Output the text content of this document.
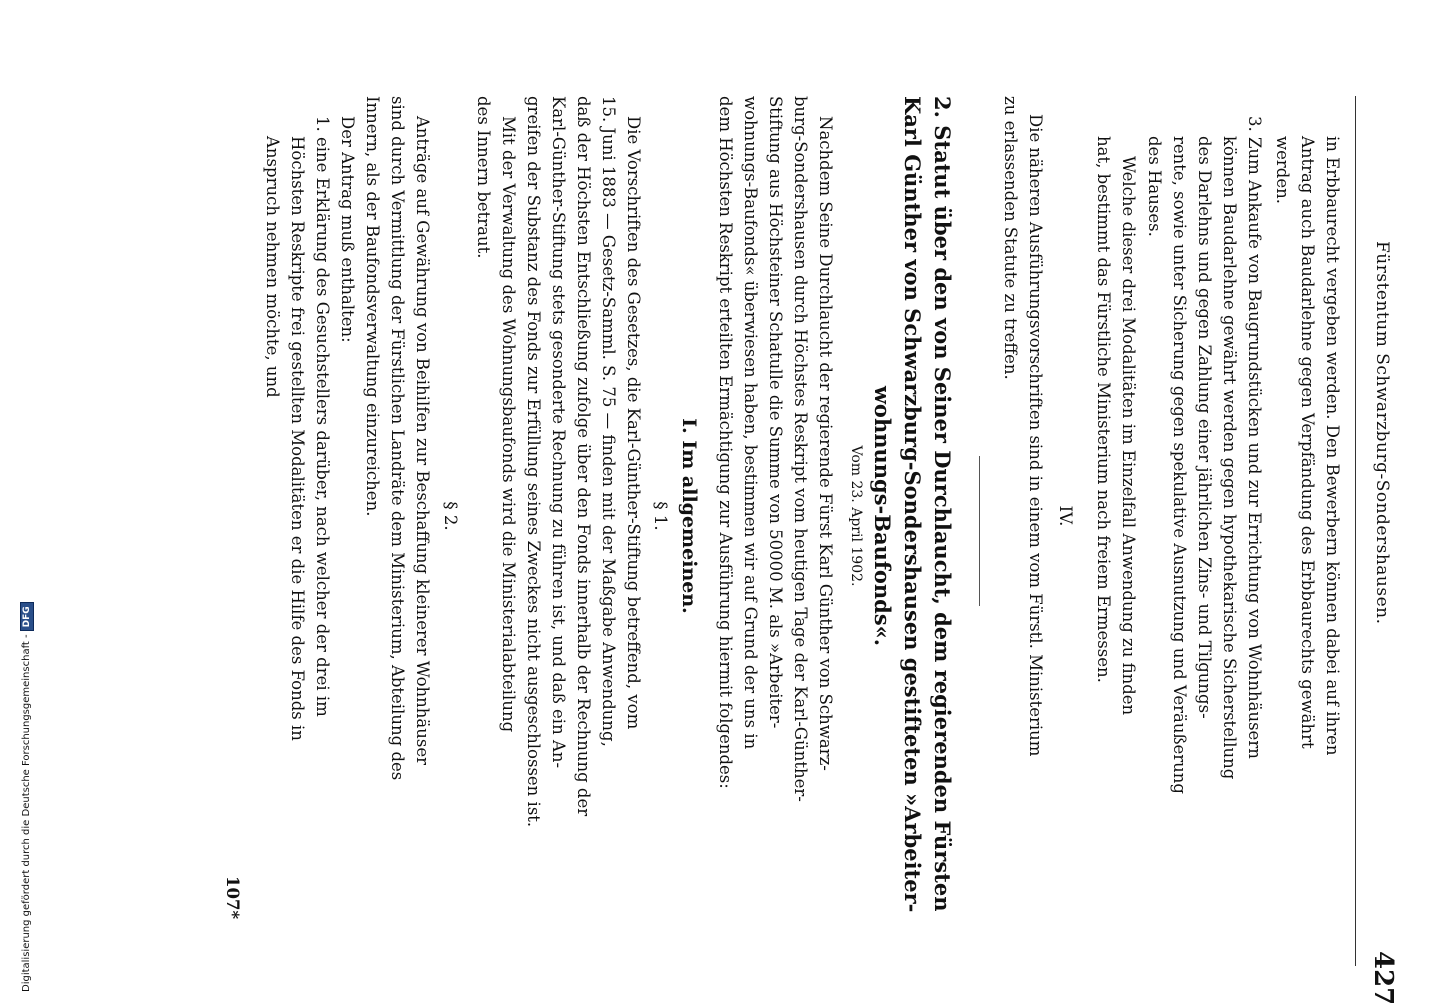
Fürstentum Schwarzburg-Sondershausen.
427
in Erbbaurecht vergeben werden. Den Bewerbern können dabei auf ihren
Antrag auch Baudarlehne gegen Verpfändung des Erbbaurechts gewährt
werden.
3. Zum Ankaufe von Baugrundstücken und zur Errichtung von Wohnhäusern
können Baudarlehne gewährt werden gegen hypothekarische Sicherstellung
des Darlehns und gegen Zahlung einer jährlichen Zins- und Tilgungs-
rente, sowie unter Sicherung gegen spekulative Ausnutzung und Veräußerung
des Hauses.
Welche dieser drei Modalitäten im Einzelfall Anwendung zu finden
hat, bestimmt das Fürstliche Ministerium nach freiem Ermessen.
IV.
Die näheren Ausführungsvorschriften sind in einem vom Fürstl. Ministerium
zu erlassenden Statute zu treffen.
2. Statut über den von Seiner Durchlaucht, dem regierenden Fürsten
Karl Günther von Schwarzburg-Sondershausen gestifteten »Arbeiter-
wohnungs-Baufonds«.
Vom 23. April 1902.
Nachdem Seine Durchlaucht der regierende Fürst Karl Günther von Schwarz-
burg-Sondershausen durch Höchstes Reskript vom heutigen Tage der Karl-Günther-
Stiftung aus Höchsteiner Schatulle die Summe von 50000 M. als »Arbeiter-
wohnungs-Baufonds« überwiesen haben, bestimmen wir auf Grund der uns in
dem Höchsten Reskript erteilten Ermächtigung zur Ausführung hiermit folgendes:
I. Im allgemeinen.
§ 1.
Die Vorschriften des Gesetzes, die Karl-Günther-Stiftung betreffend, vom
15. Juni 1883 — Gesetz-Samml. S. 75 — finden mit der Maßgabe Anwendung,
daß der Höchsten Entschließung zufolge über den Fonds innerhalb der Rechnung der
Karl-Günther-Stiftung stets gesonderte Rechnung zu führen ist, und daß ein An-
greifen der Substanz des Fonds zur Erfüllung seines Zweckes nicht ausgeschlossen ist.
Mit der Verwaltung des Wohnungsbaufonds wird die Ministerialabteilung
des Innern betraut.
§ 2.
Anträge auf Gewährung von Beihilfen zur Beschaffung kleinerer Wohnhäuser
sind durch Vermittlung der Fürstlichen Landräte dem Ministerium, Abteilung des
Innern, als der Baufondsverwaltung einzureichen.
Der Antrag muß enthalten:
1. eine Erklärung des Gesuchstellers darüber, nach welcher der drei im
Höchsten Reskripte frei gestellten Modalitäten er die Hilfe des Fonds in
Anspruch nehmen möchte, und
107*
Digitalisierung gefördert durch die Deutsche Forschungsgemeinschaft -DFG
